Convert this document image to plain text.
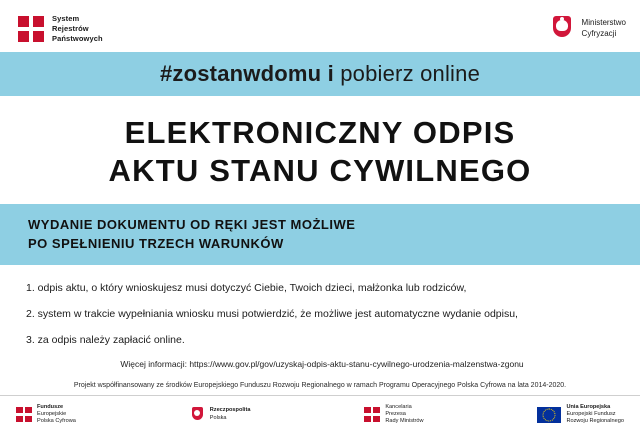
System
Rejestrów
Państwowych
Ministerstwo
Cyfryzacji
#zostanwdomu i pobierz online
ELEKTRONICZNY ODPIS
AKTU STANU CYWILNEGO
WYDANIE DOKUMENTU OD RĘKI JEST MOŻLIWE
PO SPEŁNIENIU TRZECH WARUNKÓW
1. odpis aktu, o który wnioskujesz musi dotyczyć Ciebie, Twoich dzieci, małżonka lub rodziców,
2. system w trakcie wypełniania wniosku musi potwierdzić, że możliwe jest automatyczne wydanie odpisu,
3. za odpis należy zapłacić online.
Więcej informacji: https://www.gov.pl/gov/uzyskaj-odpis-aktu-stanu-cywilnego-urodzenia-malzenstwa-zgonu
Projekt współfinansowany ze środków Europejskiego Funduszu Rozwoju Regionalnego w ramach Programu Operacyjnego Polska Cyfrowa na lata 2014-2020.
Fundusze
Europejskie
Polska Cyfrowa
Rzeczpospolita
Polska
Kancelaria
Prezesa
Rady Ministrów
Unia Europejska
Europejski Fundusz
Rozwoju Regionalnego
